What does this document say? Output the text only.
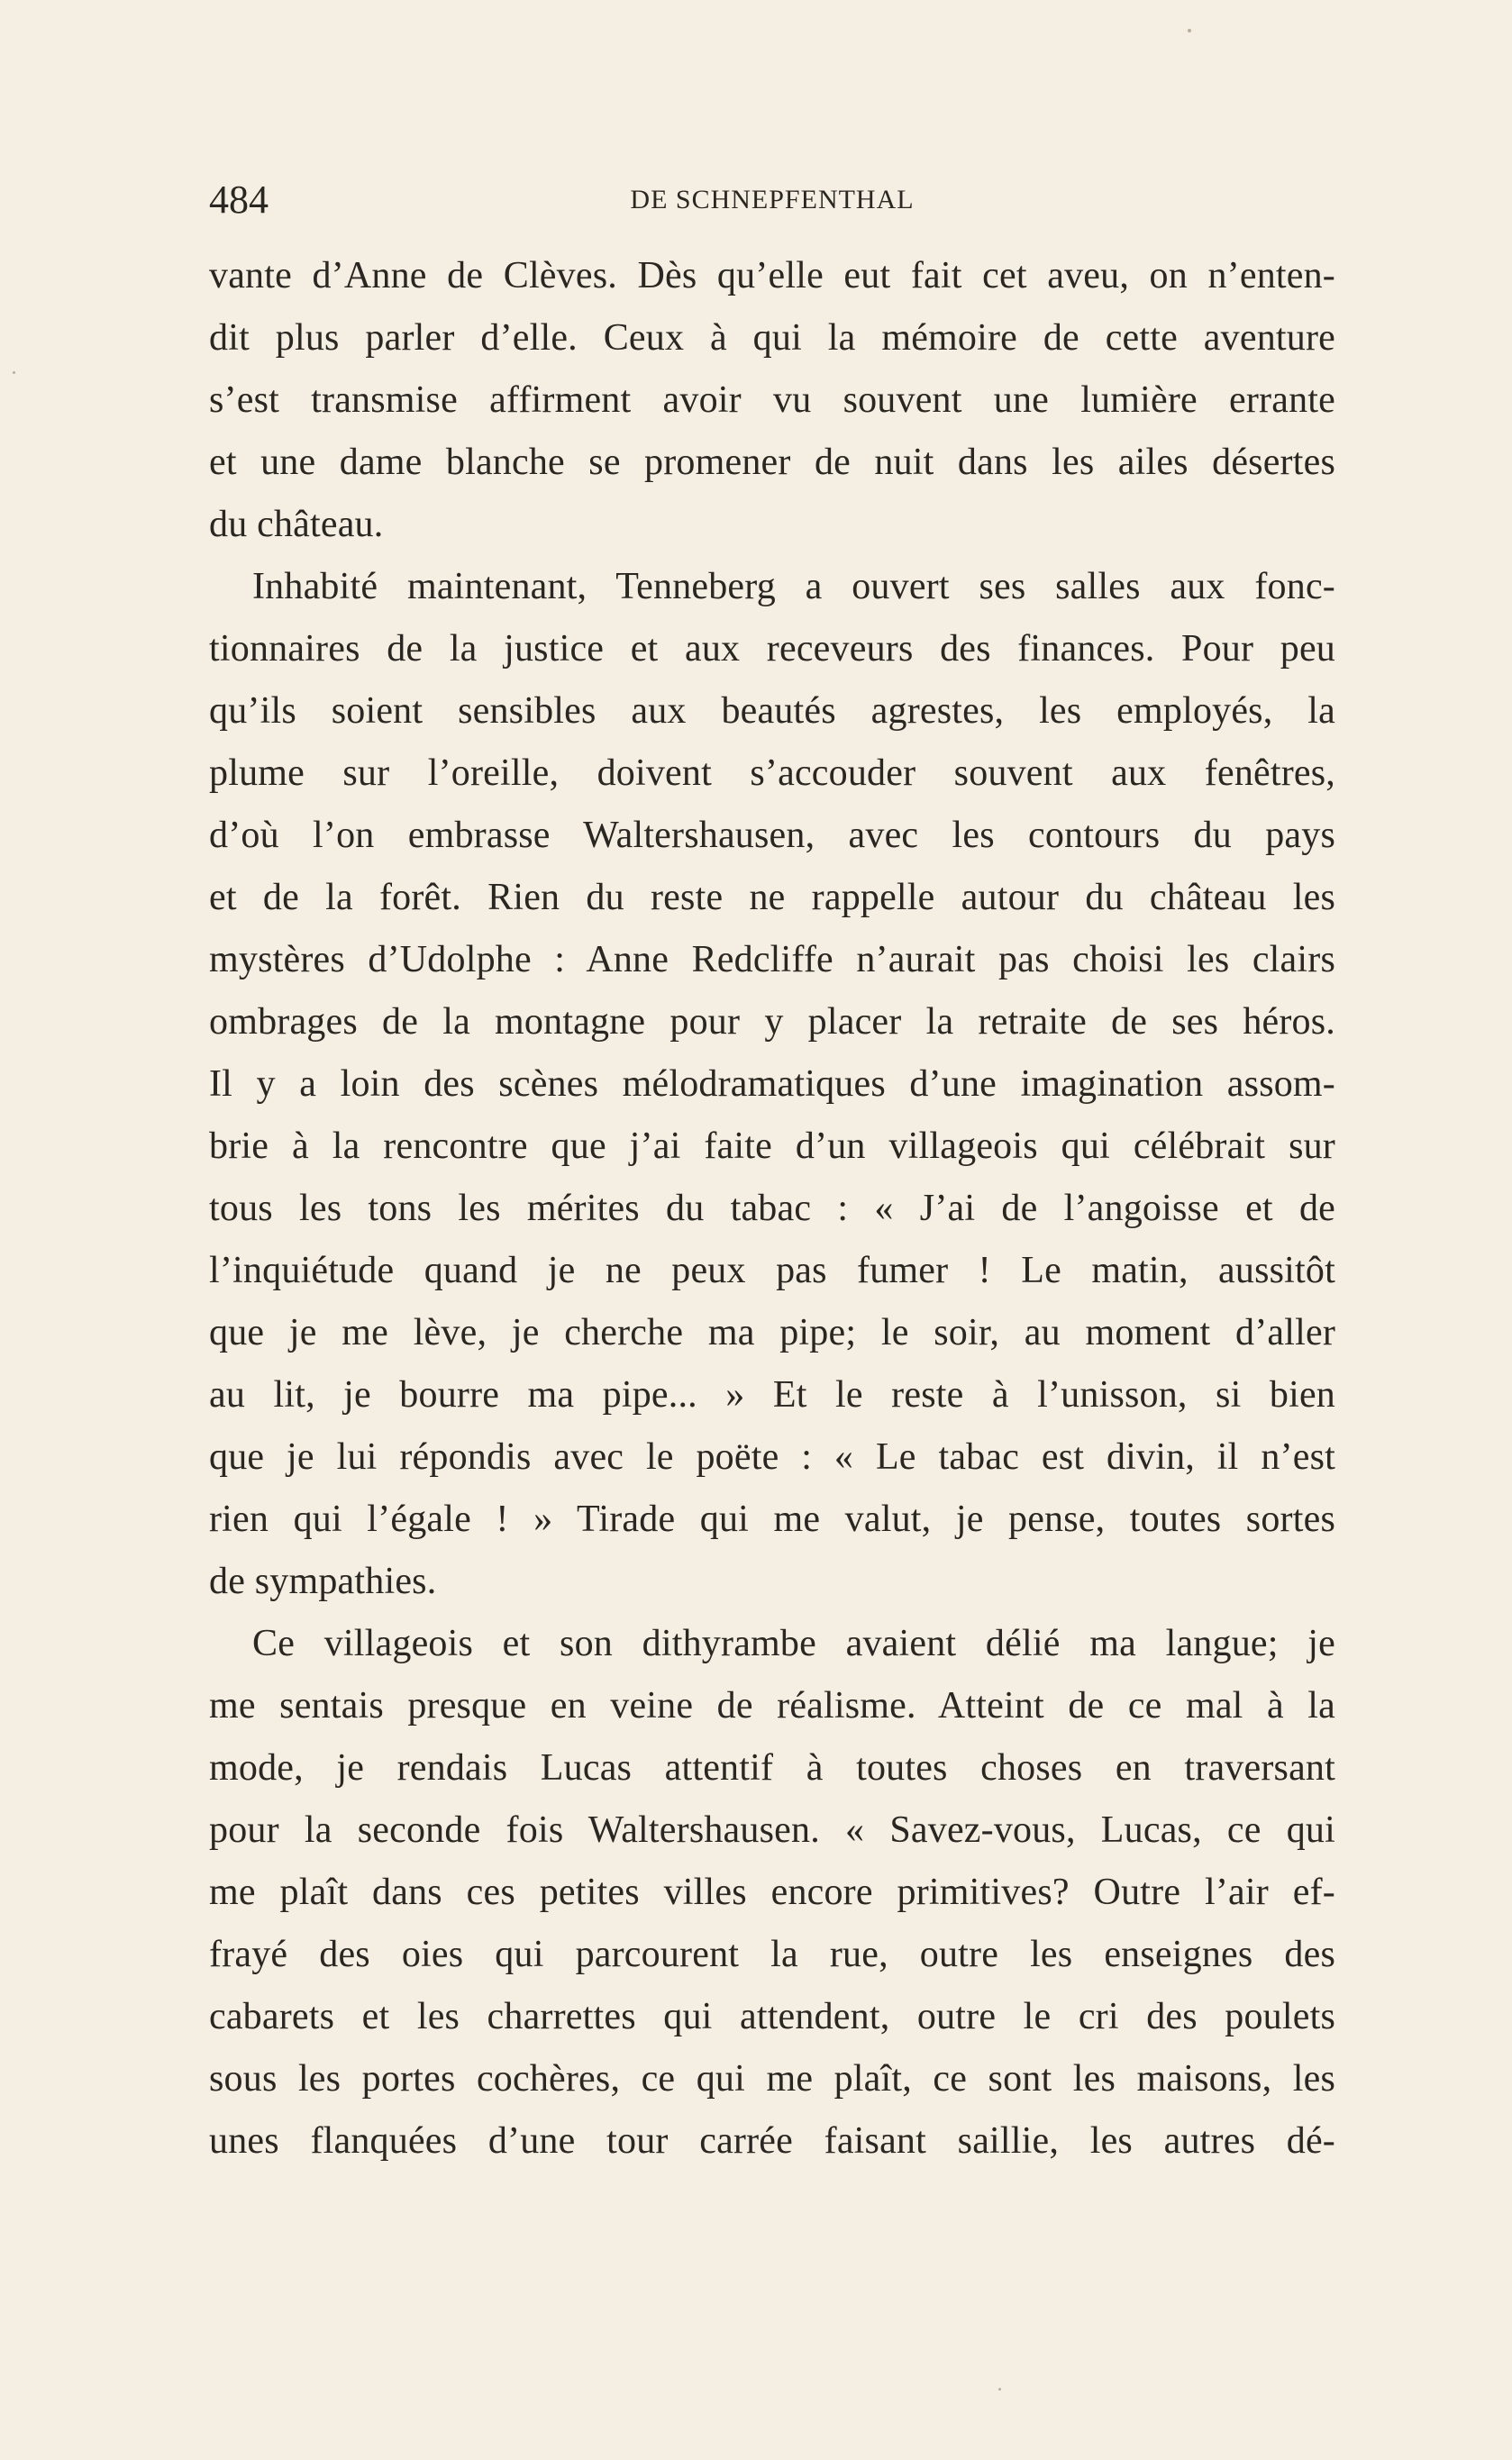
484	DE SCHNEPFENTHAL
vante d’Anne de Clèves. Dès qu’elle eut fait cet aveu, on n’enten-
dit plus parler d’elle. Ceux à qui la mémoire de cette aventure
s’est transmise affirment avoir vu souvent une lumière errante
et une dame blanche se promener de nuit dans les ailes désertes
du château.
Inhabité maintenant, Tenneberg a ouvert ses salles aux fonc-
tionnaires de la justice et aux receveurs des finances. Pour peu
qu’ils soient sensibles aux beautés agrestes, les employés, la
plume sur l’oreille, doivent s’accouder souvent aux fenêtres,
d’où l’on embrasse Waltershausen, avec les contours du pays
et de la forêt. Rien du reste ne rappelle autour du château les
mystères d’Udolphe : Anne Redcliffe n’aurait pas choisi les clairs
ombrages de la montagne pour y placer la retraite de ses héros.
Il y a loin des scènes mélodramatiques d’une imagination assom-
brie à la rencontre que j’ai faite d’un villageois qui célébrait sur
tous les tons les mérites du tabac : « J’ai de l’angoisse et de
l’inquiétude quand je ne peux pas fumer ! Le matin, aussitôt
que je me lève, je cherche ma pipe; le soir, au moment d’aller
au lit, je bourre ma pipe... » Et le reste à l’unisson, si bien
que je lui répondis avec le poëte : « Le tabac est divin, il n’est
rien qui l’égale ! » Tirade qui me valut, je pense, toutes sortes
de sympathies.
Ce villageois et son dithyrambe avaient délié ma langue; je
me sentais presque en veine de réalisme. Atteint de ce mal à la
mode, je rendais Lucas attentif à toutes choses en traversant
pour la seconde fois Waltershausen. « Savez-vous, Lucas, ce qui
me plaît dans ces petites villes encore primitives? Outre l’air ef-
frayé des oies qui parcourent la rue, outre les enseignes des
cabarets et les charrettes qui attendent, outre le cri des poulets
sous les portes cochères, ce qui me plaît, ce sont les maisons, les
unes flanquées d’une tour carrée faisant saillie, les autres dé-
